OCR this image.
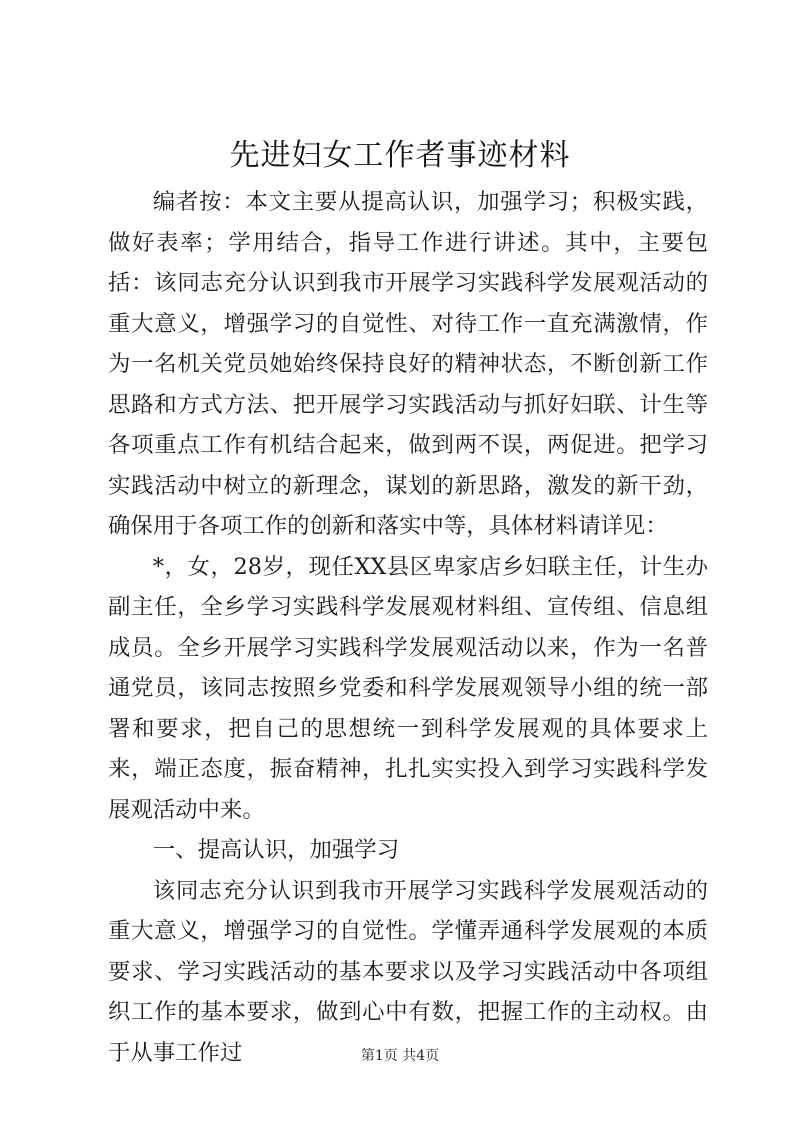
先进妇女工作者事迹材料

编者按：本文主要从提高认识，加强学习；积极实践，做好表率；学用结合，指导工作进行讲述。其中，主要包括：该同志充分认识到我市开展学习实践科学发展观活动的重大意义，增强学习的自觉性、对待工作一直充满激情，作为一名机关党员她始终保持良好的精神状态，不断创新工作思路和方式方法、把开展学习实践活动与抓好妇联、计生等各项重点工作有机结合起来，做到两不误，两促进。把学习实践活动中树立的新理念，谋划的新思路，激发的新干劲，确保用于各项工作的创新和落实中等，具体材料请详见：

*，女，28岁，现任XX县区卑家店乡妇联主任，计生办副主任，全乡学习实践科学发展观材料组、宣传组、信息组成员。全乡开展学习实践科学发展观活动以来，作为一名普通党员，该同志按照乡党委和科学发展观领导小组的统一部署和要求，把自己的思想统一到科学发展观的具体要求上来，端正态度，振奋精神，扎扎实实投入到学习实践科学发展观活动中来。

一、提高认识，加强学习

该同志充分认识到我市开展学习实践科学发展观活动的重大意义，增强学习的自觉性。学懂弄通科学发展观的本质要求、学习实践活动的基本要求以及学习实践活动中各项组织工作的基本要求，做到心中有数，把握工作的主动权。由于从事工作过	第1页 共4页
